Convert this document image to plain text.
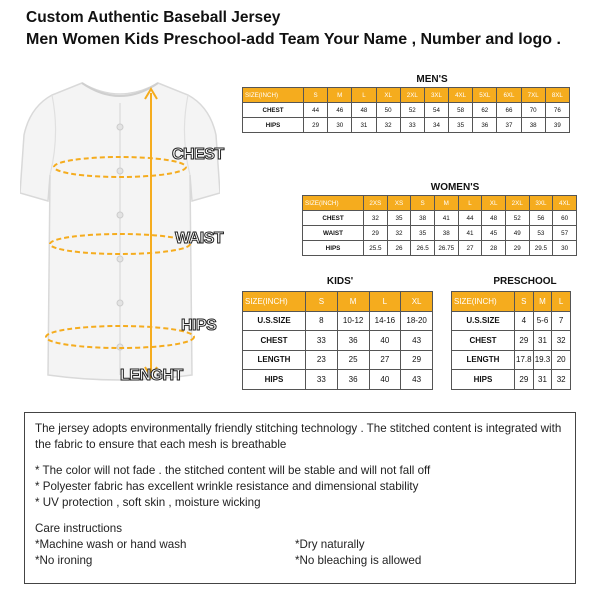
Custom Authentic Baseball Jersey
Men Women Kids Preschool-add Team Your Name , Number and logo .
CHEST
WAIST
HIPS
LENGHT
MEN'S
WOMEN'S
KIDS'	PRESCHOOL
SIZE(INCH)	S	M	L	XL	2XL	3XL	4XL	5XL	6XL	7XL	8XL
CHEST	44	46	48	50	52	54	58	62	66	70	76
HIPS	29	30	31	32	33	34	35	36	37	38	39
SIZE(INCH)	2XS	XS	S	M	L	XL	2XL	3XL	4XL
CHEST	32	35	38	41	44	48	52	56	60
WAIST	29	32	35	38	41	45	49	53	57
HIPS	25.5	26	26.5	26.75	27	28	29	29.5	30
SIZE(INCH)	S	M	L	XL
U.S.SIZE	8	10-12	14-16	18-20
CHEST	33	36	40	43
LENGTH	23	25	27	29
HIPS	33	36	40	43
SIZE(INCH)	S	M	L
U.S.SIZE	4	5-6	7
CHEST	29	31	32
LENGTH	17.8	19.3	20
HIPS	29	31	32

The jersey adopts environmentally friendly stitching technology . The stitched content is integrated with the fabric to ensure that each mesh is breathable

* The color will not fade . the stitched content will be stable and will not fall off

* Polyester fabric has excellent wrinkle resistance and dimensional stability

* UV protection , soft skin , moisture wicking

Care instructions

*Machine wash or hand wash

*No ironing

*Dry naturally

*No bleaching is allowed
